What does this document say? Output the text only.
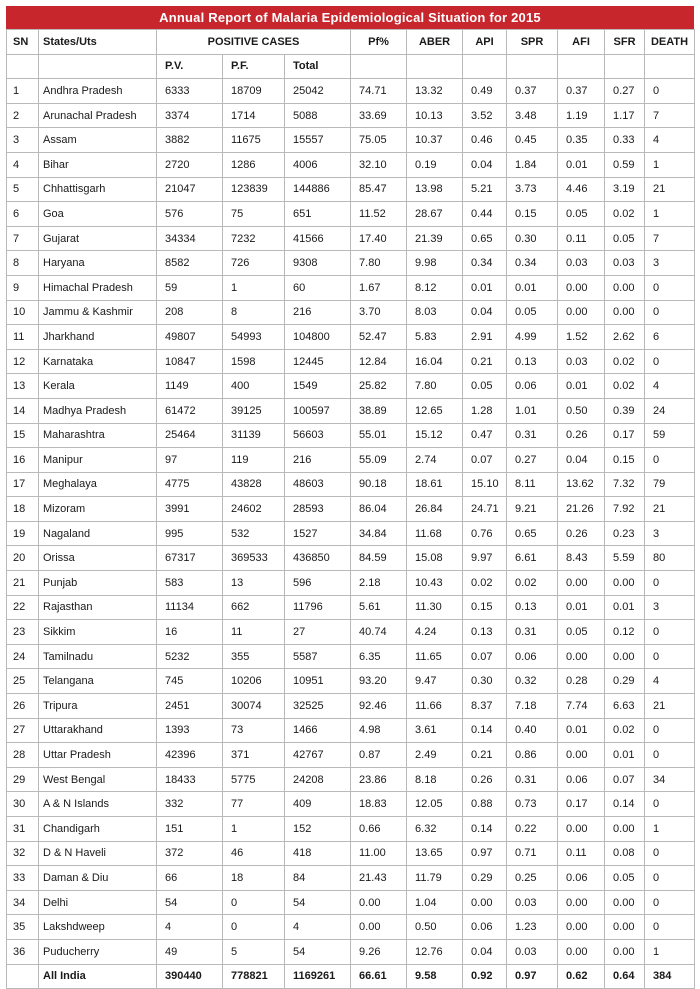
Annual Report of Malaria Epidemiological Situation for 2015
SN	States/Uts	POSITIVE CASES			Pf%	ABER	API	SPR	AFI	SFR	DEATH
		P.V.	P.F.	Total							
1	Andhra Pradesh	6333	18709	25042	74.71	13.32	0.49	0.37	0.37	0.27	0
2	Arunachal Pradesh	3374	1714	5088	33.69	10.13	3.52	3.48	1.19	1.17	7
3	Assam	3882	11675	15557	75.05	10.37	0.46	0.45	0.35	0.33	4
4	Bihar	2720	1286	4006	32.10	0.19	0.04	1.84	0.01	0.59	1
5	Chhattisgarh	21047	123839	144886	85.47	13.98	5.21	3.73	4.46	3.19	21
6	Goa	576	75	651	11.52	28.67	0.44	0.15	0.05	0.02	1
7	Gujarat	34334	7232	41566	17.40	21.39	0.65	0.30	0.11	0.05	7
8	Haryana	8582	726	9308	7.80	9.98	0.34	0.34	0.03	0.03	3
9	Himachal Pradesh	59	1	60	1.67	8.12	0.01	0.01	0.00	0.00	0
10	Jammu & Kashmir	208	8	216	3.70	8.03	0.04	0.05	0.00	0.00	0
11	Jharkhand	49807	54993	104800	52.47	5.83	2.91	4.99	1.52	2.62	6
12	Karnataka	10847	1598	12445	12.84	16.04	0.21	0.13	0.03	0.02	0
13	Kerala	1149	400	1549	25.82	7.80	0.05	0.06	0.01	0.02	4
14	Madhya Pradesh	61472	39125	100597	38.89	12.65	1.28	1.01	0.50	0.39	24
15	Maharashtra	25464	31139	56603	55.01	15.12	0.47	0.31	0.26	0.17	59
16	Manipur	97	119	216	55.09	2.74	0.07	0.27	0.04	0.15	0
17	Meghalaya	4775	43828	48603	90.18	18.61	15.10	8.11	13.62	7.32	79
18	Mizoram	3991	24602	28593	86.04	26.84	24.71	9.21	21.26	7.92	21
19	Nagaland	995	532	1527	34.84	11.68	0.76	0.65	0.26	0.23	3
20	Orissa	67317	369533	436850	84.59	15.08	9.97	6.61	8.43	5.59	80
21	Punjab	583	13	596	2.18	10.43	0.02	0.02	0.00	0.00	0
22	Rajasthan	11134	662	11796	5.61	11.30	0.15	0.13	0.01	0.01	3
23	Sikkim	16	11	27	40.74	4.24	0.13	0.31	0.05	0.12	0
24	Tamilnadu	5232	355	5587	6.35	11.65	0.07	0.06	0.00	0.00	0
25	Telangana	745	10206	10951	93.20	9.47	0.30	0.32	0.28	0.29	4
26	Tripura	2451	30074	32525	92.46	11.66	8.37	7.18	7.74	6.63	21
27	Uttarakhand	1393	73	1466	4.98	3.61	0.14	0.40	0.01	0.02	0
28	Uttar Pradesh	42396	371	42767	0.87	2.49	0.21	0.86	0.00	0.01	0
29	West Bengal	18433	5775	24208	23.86	8.18	0.26	0.31	0.06	0.07	34
30	A & N Islands	332	77	409	18.83	12.05	0.88	0.73	0.17	0.14	0
31	Chandigarh	151	1	152	0.66	6.32	0.14	0.22	0.00	0.00	1
32	D & N Haveli	372	46	418	11.00	13.65	0.97	0.71	0.11	0.08	0
33	Daman & Diu	66	18	84	21.43	11.79	0.29	0.25	0.06	0.05	0
34	Delhi	54	0	54	0.00	1.04	0.00	0.03	0.00	0.00	0
35	Lakshdweep	4	0	4	0.00	0.50	0.06	1.23	0.00	0.00	0
36	Puducherry	49	5	54	9.26	12.76	0.04	0.03	0.00	0.00	1
	All India	390440	778821	1169261	66.61	9.58	0.92	0.97	0.62	0.64	384
